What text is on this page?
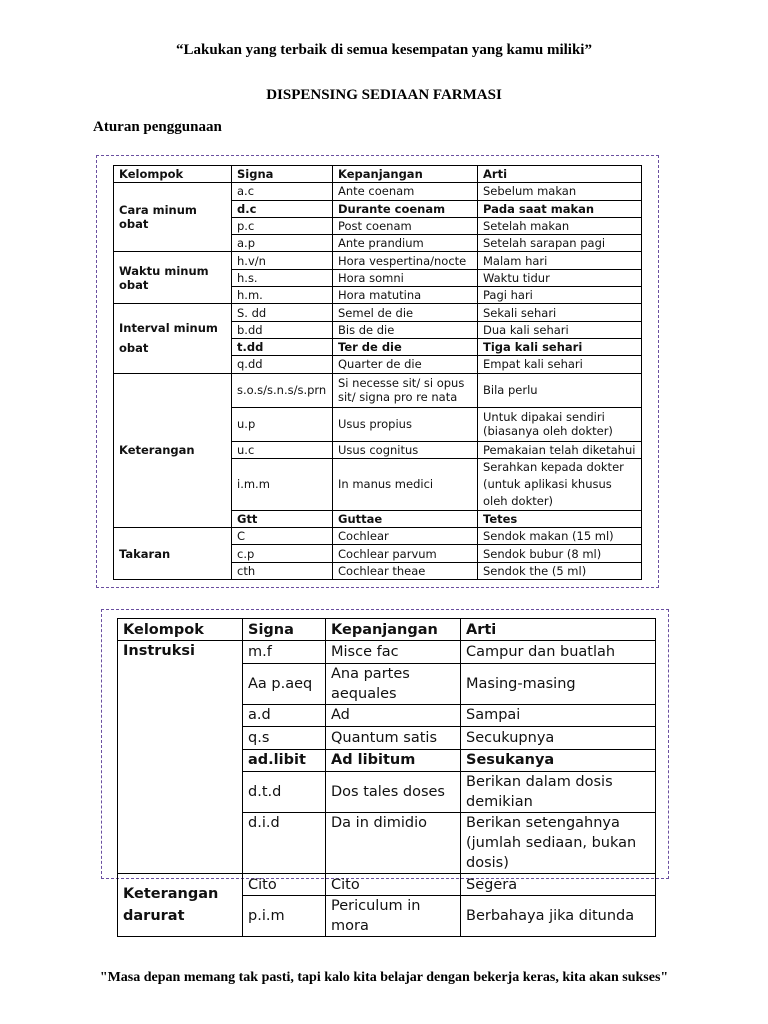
“Lakukan yang terbaik di semua kesempatan yang kamu miliki”
DISPENSING SEDIAAN FARMASI
Aturan penggunaan
Kelompok	Signa	Kepanjangan	Arti
Cara minum obat	a.c	Ante coenam	Sebelum makan
	d.c	Durante coenam	Pada saat makan
	p.c	Post coenam	Setelah makan
	a.p	Ante prandium	Setelah sarapan pagi
Waktu minum obat	h.v/n	Hora vespertina/nocte	Malam hari
	h.s.	Hora somni	Waktu tidur
	h.m.	Hora matutina	Pagi hari
Interval minum obat	S. dd	Semel de die	Sekali sehari
	b.dd	Bis de die	Dua kali sehari
	t.dd	Ter de die	Tiga kali sehari
	q.dd	Quarter de die	Empat kali sehari
Keterangan	s.o.s/s.n.s/s.prn	Si necesse sit/ si opus sit/ signa pro re nata	Bila perlu
	u.p	Usus propius	Untuk dipakai sendiri (biasanya oleh dokter)
	u.c	Usus cognitus	Pemakaian telah diketahui
	i.m.m	In manus medici	Serahkan kepada dokter (untuk aplikasi khusus oleh dokter)
	Gtt	Guttae	Tetes
Takaran	C	Cochlear	Sendok makan (15 ml)
	c.p	Cochlear parvum	Sendok bubur (8 ml)
	cth	Cochlear theae	Sendok the (5 ml)
Kelompok	Signa	Kepanjangan	Arti
Instruksi	m.f	Misce fac	Campur dan buatlah
	Aa p.aeq	Ana partes aequales	Masing-masing
	a.d	Ad	Sampai
	q.s	Quantum satis	Secukupnya
	ad.libit	Ad libitum	Sesukanya
	d.t.d	Dos tales doses	Berikan dalam dosis demikian
	d.i.d	Da in dimidio	Berikan setengahnya (jumlah sediaan, bukan dosis)
Keterangan darurat	Cito	Cito	Segera
	p.i.m	Periculum in mora	Berbahaya jika ditunda
"Masa depan memang tak pasti, tapi kalo kita belajar dengan bekerja keras, kita akan sukses"
